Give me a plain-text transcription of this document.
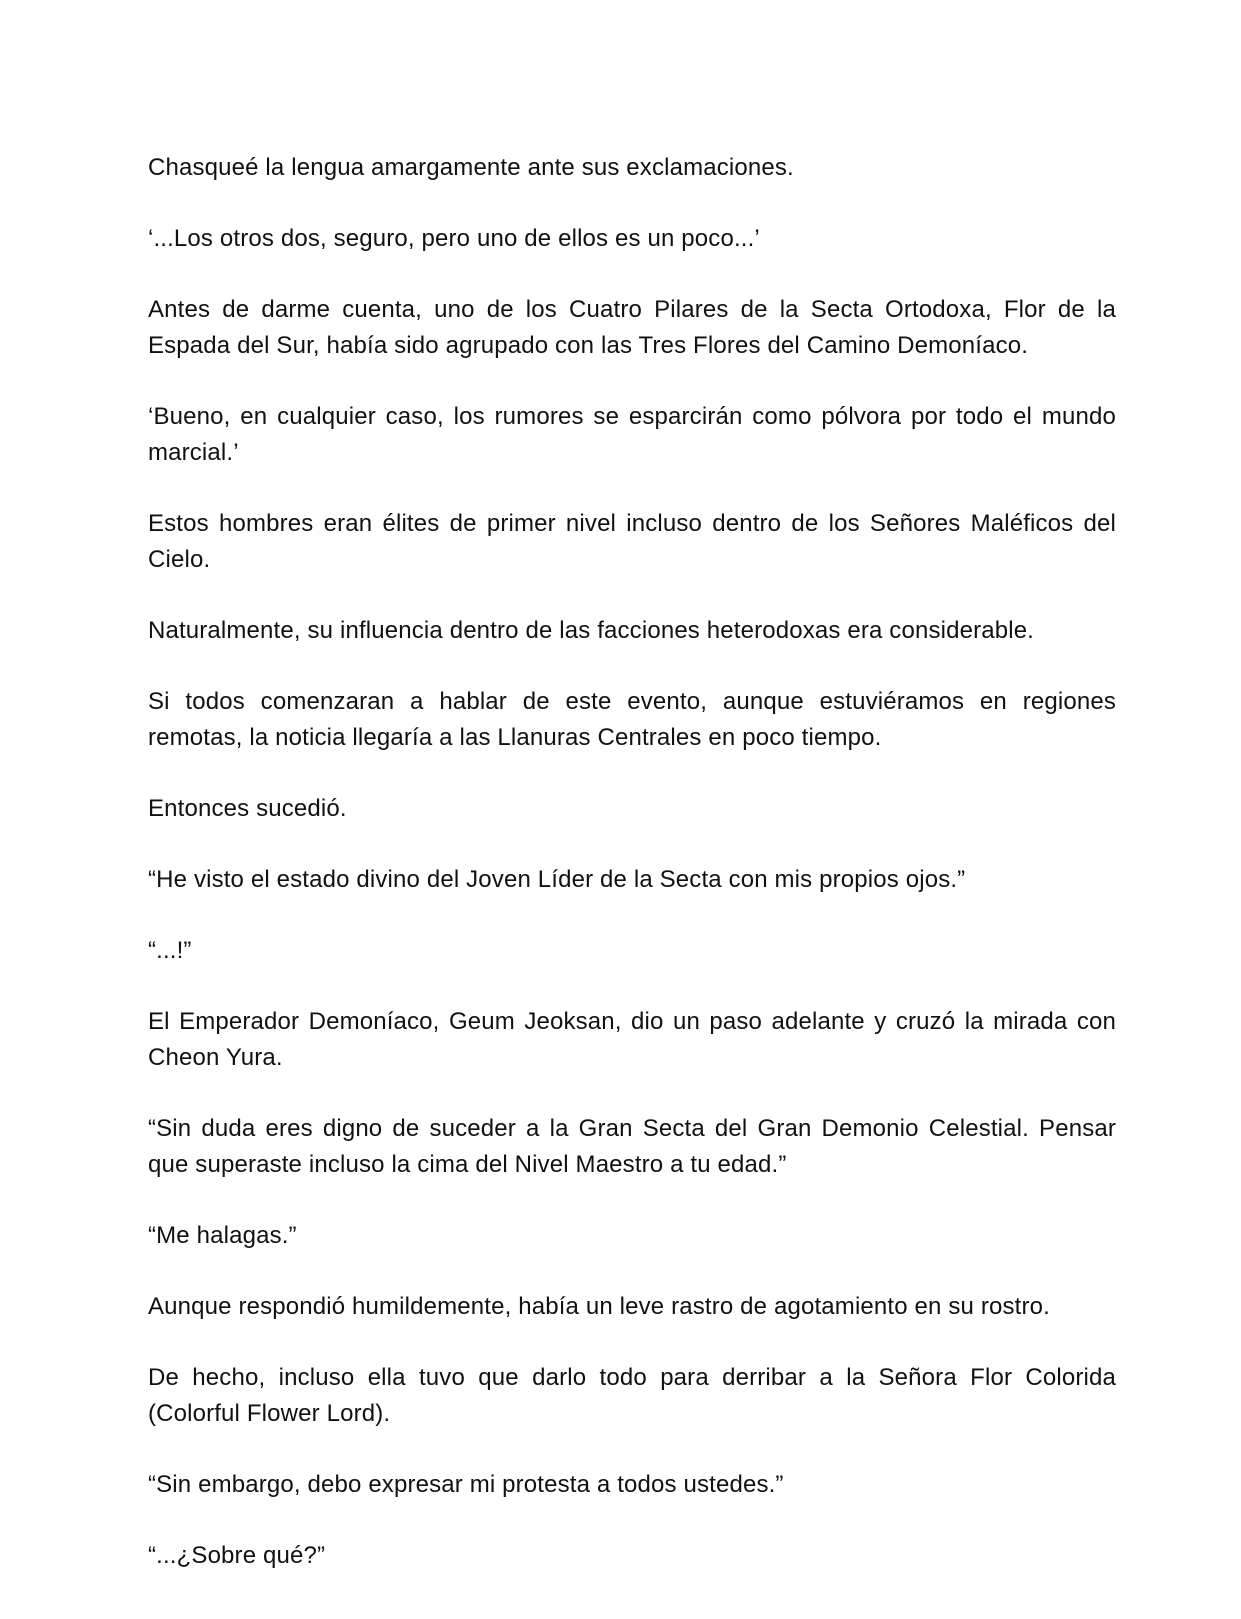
Chasqueé la lengua amargamente ante sus exclamaciones.

‘...Los otros dos, seguro, pero uno de ellos es un poco...’

Antes de darme cuenta, uno de los Cuatro Pilares de la Secta Ortodoxa, Flor de la Espada del Sur, había sido agrupado con las Tres Flores del Camino Demoníaco.

‘Bueno, en cualquier caso, los rumores se esparcirán como pólvora por todo el mundo marcial.’

Estos hombres eran élites de primer nivel incluso dentro de los Señores Maléficos del Cielo.

Naturalmente, su influencia dentro de las facciones heterodoxas era considerable.

Si todos comenzaran a hablar de este evento, aunque estuviéramos en regiones remotas, la noticia llegaría a las Llanuras Centrales en poco tiempo.

Entonces sucedió.

“He visto el estado divino del Joven Líder de la Secta con mis propios ojos.”

“...!”

El Emperador Demoníaco, Geum Jeoksan, dio un paso adelante y cruzó la mirada con Cheon Yura.

“Sin duda eres digno de suceder a la Gran Secta del Gran Demonio Celestial. Pensar que superaste incluso la cima del Nivel Maestro a tu edad.”

“Me halagas.”

Aunque respondió humildemente, había un leve rastro de agotamiento en su rostro.

De hecho, incluso ella tuvo que darlo todo para derribar a la Señora Flor Colorida (Colorful Flower Lord).

“Sin embargo, debo expresar mi protesta a todos ustedes.”

“...¿Sobre qué?”
